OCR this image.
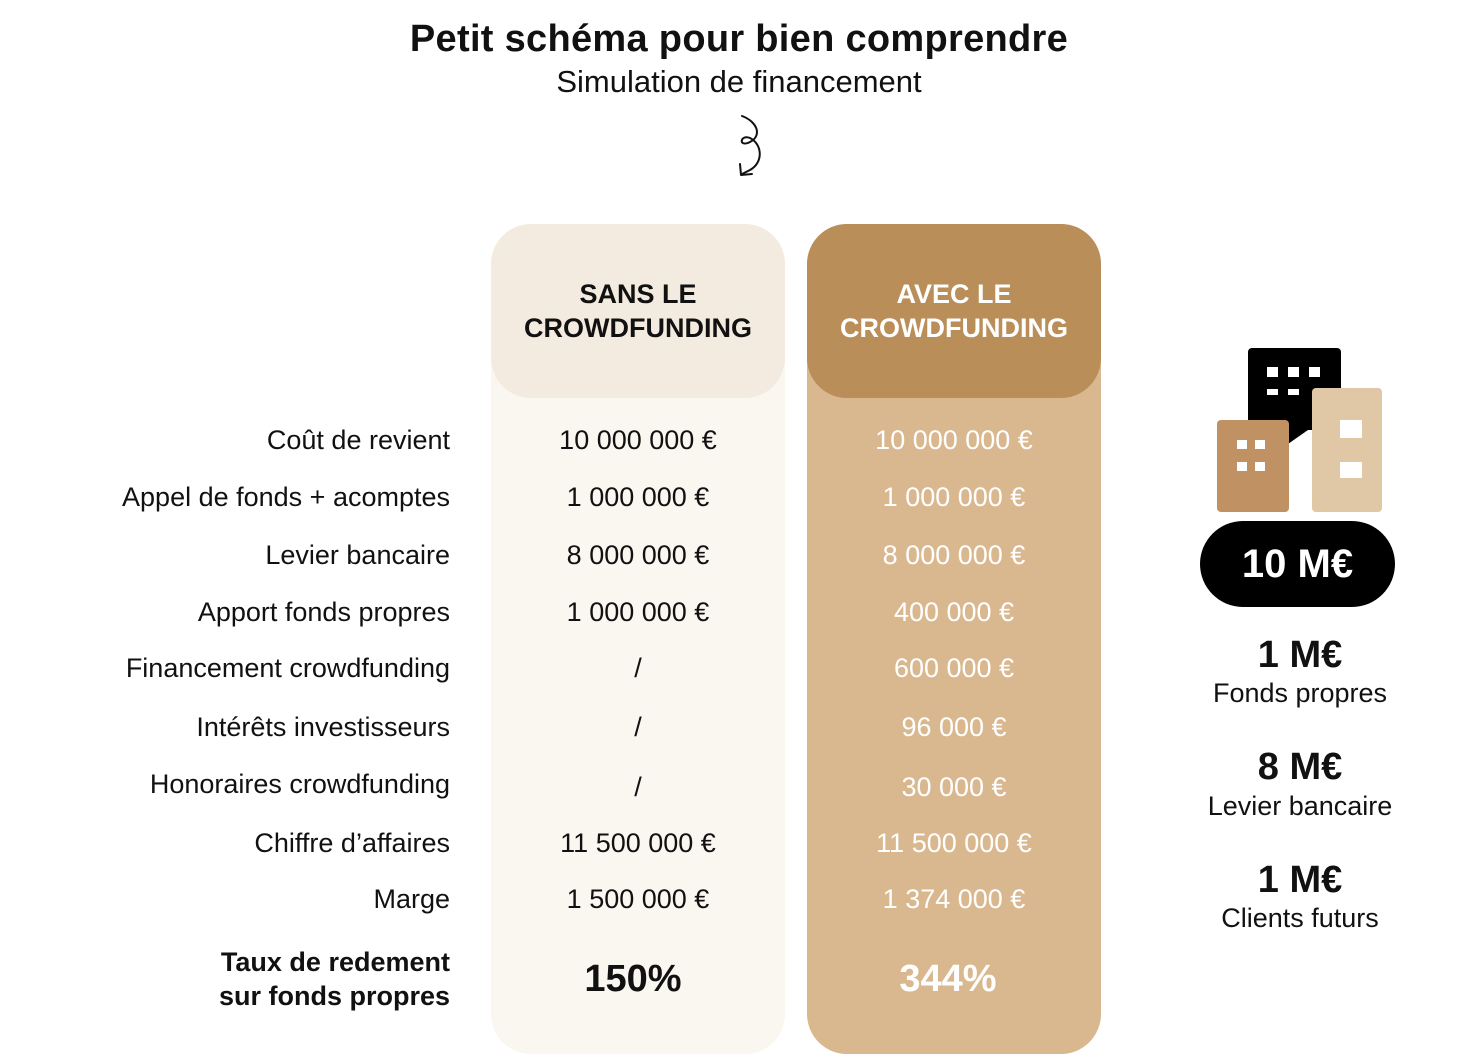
Petit schéma pour bien comprendre
Simulation de financement
SANS LE
CROWDFUNDING
AVEC LE
CROWDFUNDING
Coût de revient	10 000 000 €	10 000 000 €
Appel de fonds + acomptes	1 000 000 €	1 000 000 €
Levier bancaire	8 000 000 €	8 000 000 €
Apport fonds propres	1 000 000 €	400 000 €
Financement crowdfunding	/	600 000 €
Intérêts investisseurs	/	96 000 €
Honoraires crowdfunding	/	30 000 €
Chiffre d’affaires	11 500 000 €	11 500 000 €
Marge	1 500 000 €	1 374 000 €
Taux de redement
sur fonds propres	150%	344%
10 M€
1 M€
Fonds propres
8 M€
Levier bancaire
1 M€
Clients futurs
